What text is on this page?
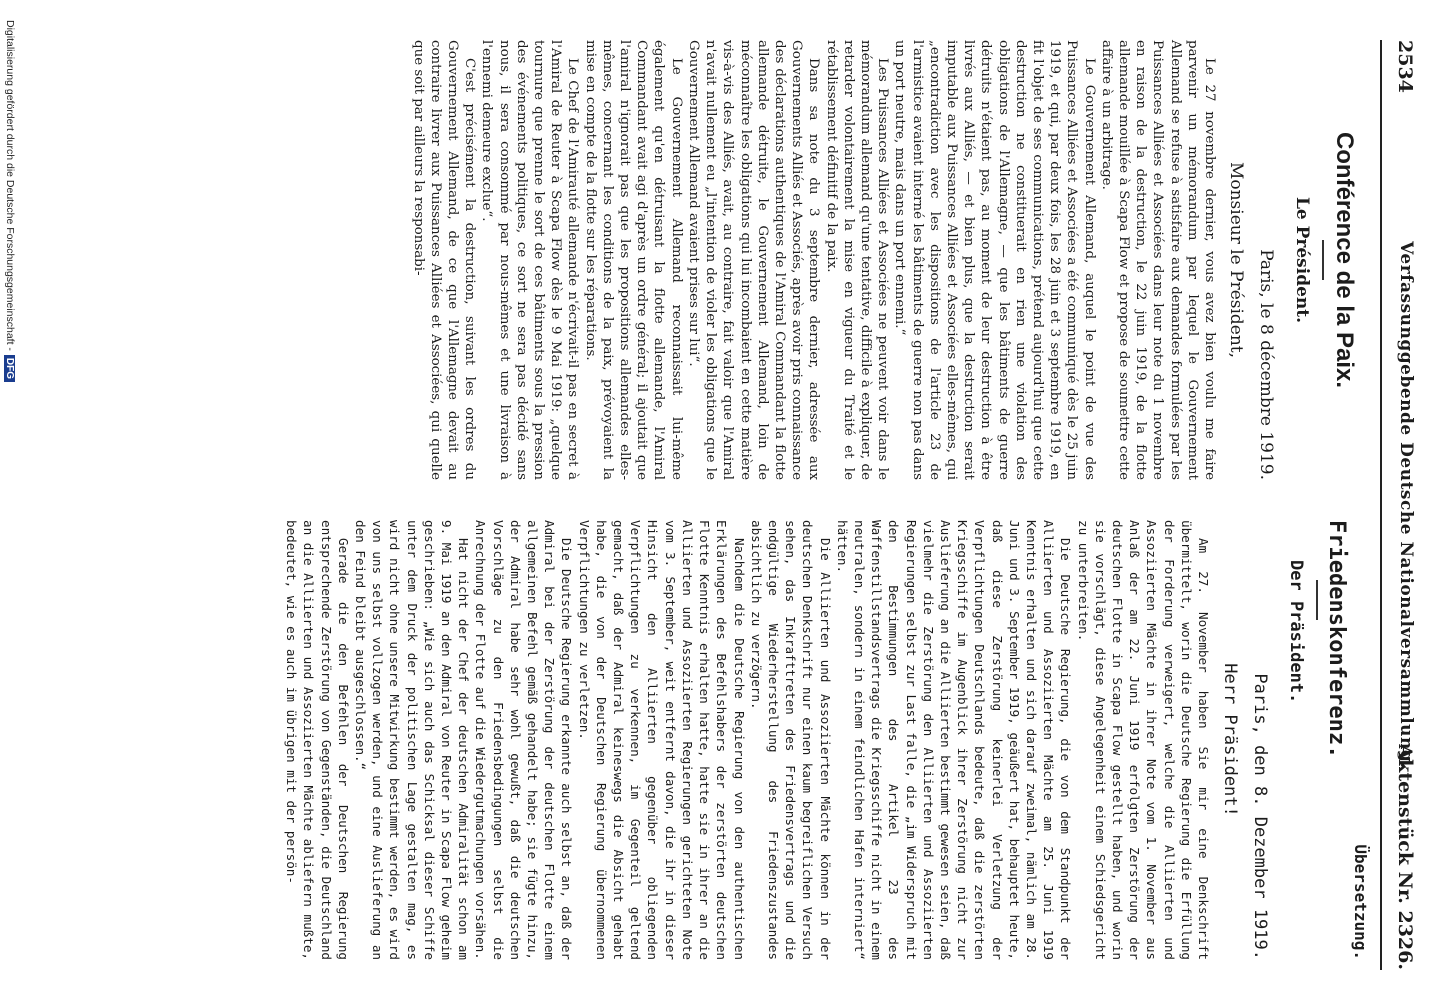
2534
Verfassunggebende Deutsche Nationalversammlung.
Aktenstück Nr. 2326.
Conférence de la Paix.
Le Président.
Paris, le 8 décembre 1919.
Monsieur le Président,

Le 27 novembre dernier, vous avez bien voulu me faire parvenir un mémorandum par lequel le Gouvernement Allemand se refuse à satisfaire aux demandes formulées par les Puissances Alliées et Associées dans leur note du 1 novembre en raison de la destruction, le 22 juin 1919, de la flotte allemande mouillée à Scapa Flow et propose de soumettre cette affaire à un arbitrage.

Le Gouvernement Allemand, auquel le point de vue des Puissances Alliées et Associées a été communiqué dès le 25 juin 1919, et qui, par deux fois, les 28 juin et 3 septembre 1919, en fit l'objet de ses communications, prétend aujourd'hui que cette destruction ne constituerait en rien une violation des obligations de l'Allemagne, — que les bâtiments de guerre détruits n'étaient pas, au moment de leur destruction à être livrés aux Alliés, — et bien plus, que la destruction serait imputable aux Puissances Alliées et Associées elles-mêmes, qui „encontradiction avec les dispositions de l'article 23 de l'armistice avaient interné les bâtiments de guerre non pas dans un port neutre, mais dans un port ennemi.“

Les Puissances Alliées et Associées ne peuvent voir dans le mémorandum allemand qu'une tentative, difficile à expliquer, de retarder volontairement la mise en vigueur du Traité et le rétablissement définitif de la paix.

Dans sa note du 3 septembre dernier, adressée aux Gouvernements Alliés et Associés, après avoir pris connaissance des déclarations authentiques de l'Amiral Commandant la flotte allemande détruite, le Gouvernement Allemand, loin de méconnaître les obligations qui lui incombaient en cette matière vis-à-vis des Alliés, avait, au contraire, fait valoir que l'Amiral n'avait nullement eu „l'intention de violer les obligations que le Gouvernement Allemand avaient prises sur lui“.

Le Gouvernement Allemand reconnaissait lui-même également qu'en détruisant la flotte allemande, l'Amiral Commandant avait agi d'après un ordre général; il ajoutait que l'amiral n'ignorait pas que les propositions allemandes elles-mêmes, concernant les conditions de la paix, prévoyaient la mise en compte de la flotte sur les réparations.

Le Chef de l'Amirauté allemande n'écrivait-il pas en secret à l'Amiral de Reuter à Scapa Flow dès le 9 Mai 1919: „quelque tournure que prenne le sort de ces bâtiments sous la pression des événements politiques, ce sort ne sera pas décidé sans nous, il sera consommé par nous-mêmes et une livraison à l'ennemi demeure exclue“.

C'est précisément la destruction, suivant les ordres du Gouvernement Allemand, de ce que l'Allemagne devait au contraire livrer aux Puissances Alliées et Associées, qui quelle que soit par ailleurs la responsabi-

Übersetzung.
Friedenskonferenz.
Der Präsident.
Paris, den 8. Dezember 1919.
Herr Präsident!

Am 27. November haben Sie mir eine Denkschrift übermittelt, worin die Deutsche Regierung die Erfüllung der Forderung verweigert, welche die Alliierten und Assoziierten Mächte in ihrer Note vom 1. November aus Anlaß der am 22. Juni 1919 erfolgten Zerstörung der deutschen Flotte in Scapa Flow gestellt haben, und worin sie vorschlägt, diese Angelegenheit einem Schiedsgericht zu unterbreiten.

Die Deutsche Regierung, die von dem Standpunkt der Alliierten und Assoziierten Mächte am 25. Juni 1919 Kenntnis erhalten und sich darauf zweimal, nämlich am 28. Juni und 3. September 1919, geäußert hat, behauptet heute, daß diese Zerstörung keinerlei Verletzung der Verpflichtungen Deutschlands bedeute, daß die zerstörten Kriegsschiffe im Augenblick ihrer Zerstörung nicht zur Auslieferung an die Alliierten bestimmt gewesen seien, daß vielmehr die Zerstörung den Alliierten und Assoziierten Regierungen selbst zur Last falle, die „im Widerspruch mit den Bestimmungen des Artikel 23 des Waffenstillstandsvertrags die Kriegsschiffe nicht in einem neutralen, sondern in einem feindlichen Hafen interniert“ hätten.

Die Alliierten und Assoziierten Mächte können in der deutschen Denkschrift nur einen kaum begreiflichen Versuch sehen, das Inkrafttreten des Friedensvertrags und die endgültige Wiederherstellung des Friedenszustandes absichtlich zu verzögern.

Nachdem die Deutsche Regierung von den authentischen Erklärungen des Befehlshabers der zerstörten deutschen Flotte Kenntnis erhalten hatte, hatte sie in ihrer an die Alliierten und Assoziierten Regierungen gerichteten Note vom 3. September, weit entfernt davon, die ihr in dieser Hinsicht den Alliierten gegenüber obliegenden Verpflichtungen zu verkennen, im Gegenteil geltend gemacht, daß der Admiral keineswegs die Absicht gehabt habe, die von der Deutschen Regierung übernommenen Verpflichtungen zu verletzen.

Die Deutsche Regierung erkannte auch selbst an, daß der Admiral bei der Zerstörung der deutschen Flotte einem allgemeinen Befehl gemäß gehandelt habe; sie fügte hinzu, der Admiral habe sehr wohl gewußt, daß die deutschen Vorschläge zu den Friedensbedingungen selbst die Anrechnung der Flotte auf die Wiedergutmachungen vorsähen.

Hat nicht der Chef der deutschen Admiralität schon am 9. Mai 1919 an den Admiral von Reuter in Scapa Flow geheim geschrieben: „Wie sich auch das Schicksal dieser Schiffe unter dem Druck der politischen Lage gestalten mag, es wird nicht ohne unsere Mitwirkung bestimmt werden, es wird von uns selbst vollzogen werden, und eine Auslieferung an den Feind bleibt ausgeschlossen.“

Gerade die den Befehlen der Deutschen Regierung entsprechende Zerstörung von Gegenständen, die Deutschland an die Alliierten und Assoziierten Mächte abliefern mußte, bedeutet, wie es auch im übrigen mit der persön-

Digitalisierung gefördert durch die Deutsche Forschungsgemeinschaft -DFG
